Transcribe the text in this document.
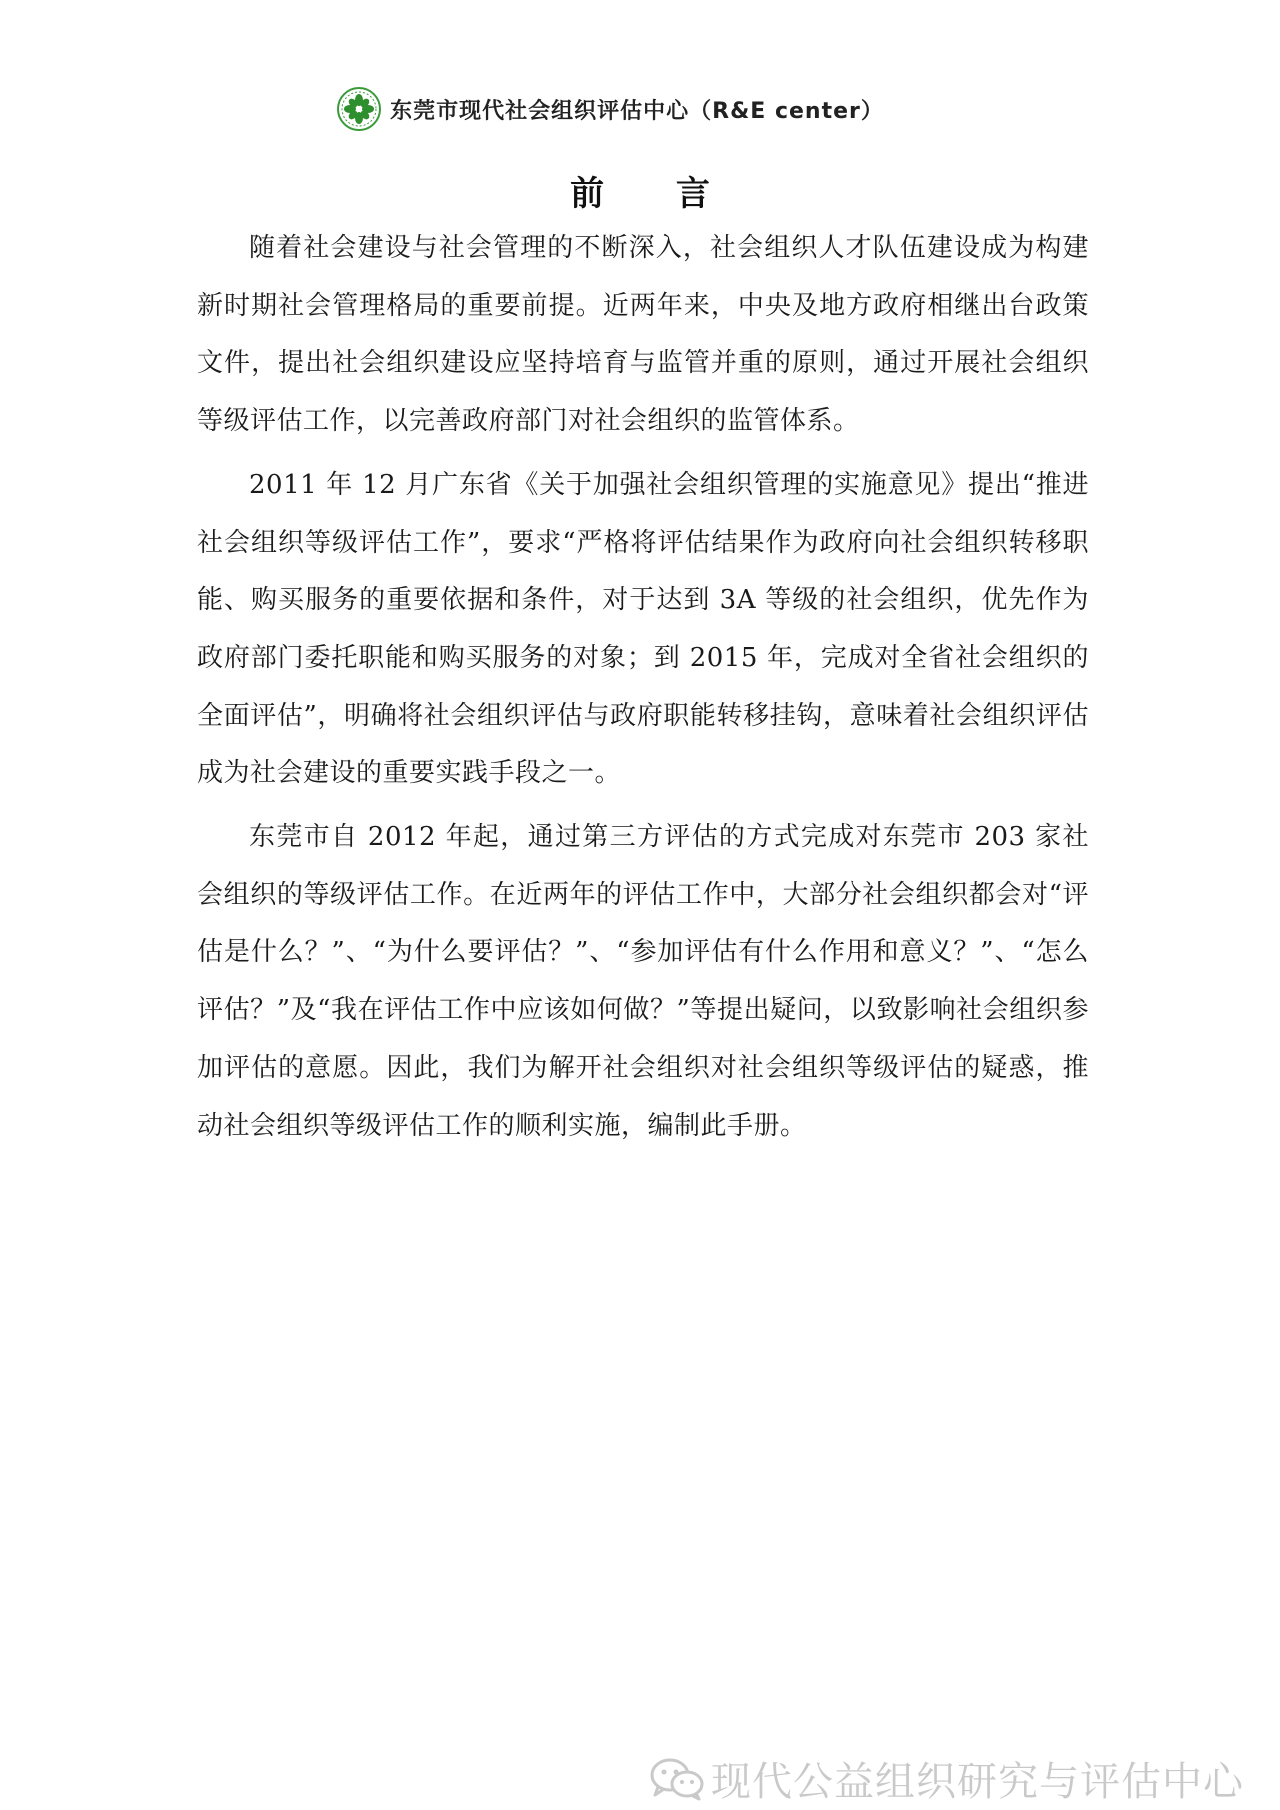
东莞市现代社会组织评估中心（R&E center）
前 言

随着社会建设与社会管理的不断深入，社会组织人才队伍建设成为构建新时期社会管理格局的重要前提。近两年来，中央及地方政府相继出台政策文件，提出社会组织建设应坚持培育与监管并重的原则，通过开展社会组织等级评估工作，以完善政府部门对社会组织的监管体系。

2011 年 12 月广东省《关于加强社会组织管理的实施意见》提出“推进社会组织等级评估工作”，要求“严格将评估结果作为政府向社会组织转移职能、购买服务的重要依据和条件，对于达到 3A 等级的社会组织，优先作为政府部门委托职能和购买服务的对象；到 2015 年，完成对全省社会组织的全面评估”，明确将社会组织评估与政府职能转移挂钩，意味着社会组织评估成为社会建设的重要实践手段之一。

东莞市自 2012 年起，通过第三方评估的方式完成对东莞市 203 家社会组织的等级评估工作。在近两年的评估工作中，大部分社会组织都会对“评估是什么？”、“为什么要评估？”、“参加评估有什么作用和意义？”、“怎么评估？”及“我在评估工作中应该如何做？”等提出疑问，以致影响社会组织参加评估的意愿。因此，我们为解开社会组织对社会组织等级评估的疑惑，推动社会组织等级评估工作的顺利实施，编制此手册。

现代公益组织研究与评估中心
